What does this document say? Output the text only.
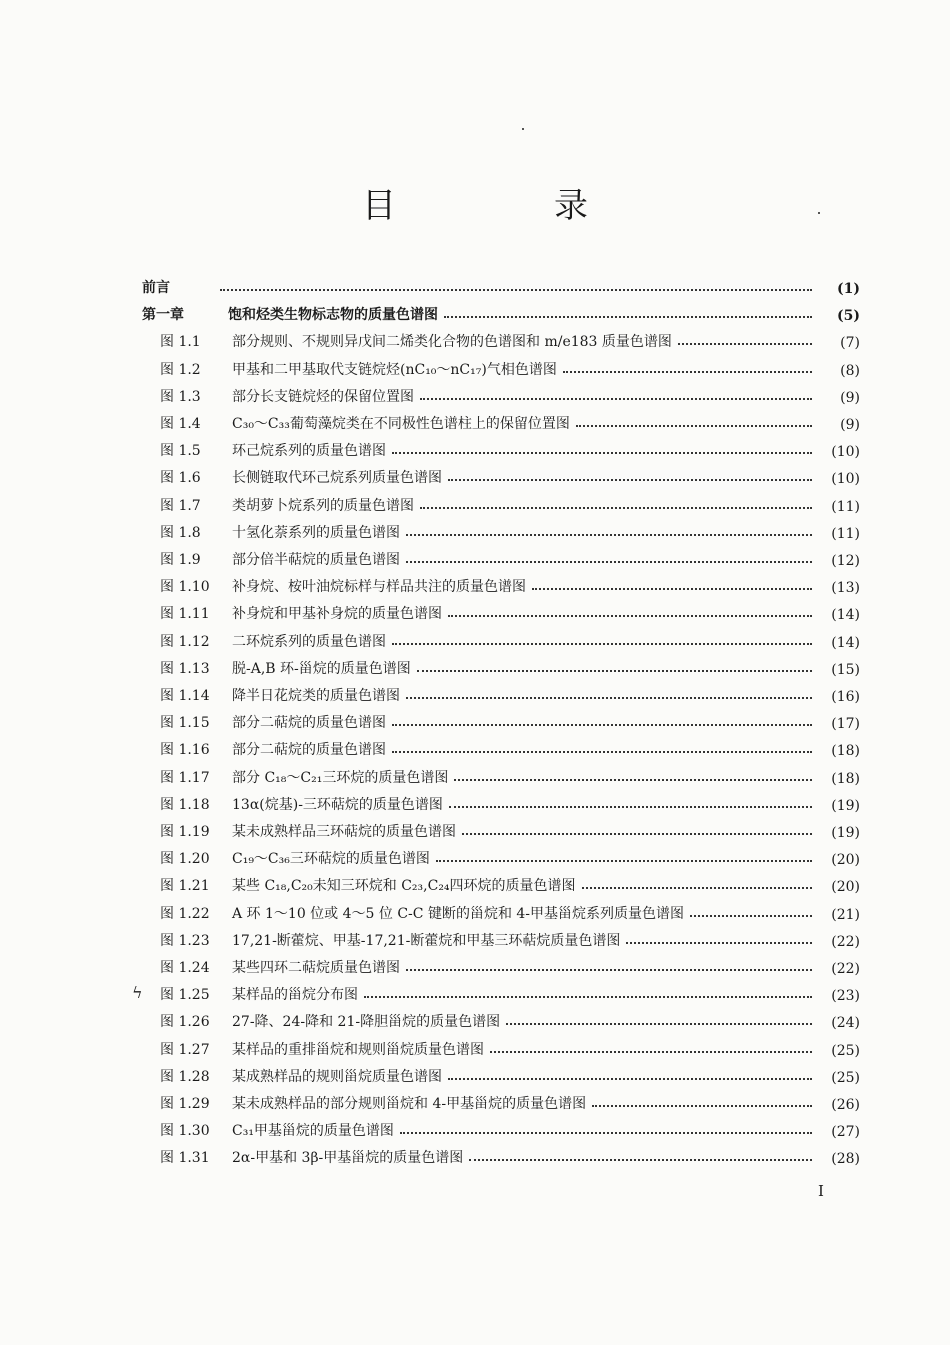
目　录
前言	(1)
第一章	饱和烃类生物标志物的质量色谱图	(5)
图 1.1	部分规则、不规则异戊间二烯类化合物的色谱图和 m/e183 质量色谱图	(7)
图 1.2	甲基和二甲基取代支链烷烃(nC₁₀～nC₁₇)气相色谱图	(8)
图 1.3	部分长支链烷烃的保留位置图	(9)
图 1.4	C₃₀～C₃₃葡萄藻烷类在不同极性色谱柱上的保留位置图	(9)
图 1.5	环己烷系列的质量色谱图	(10)
图 1.6	长侧链取代环己烷系列质量色谱图	(10)
图 1.7	类胡萝卜烷系列的质量色谱图	(11)
图 1.8	十氢化萘系列的质量色谱图	(11)
图 1.9	部分倍半萜烷的质量色谱图	(12)
图 1.10	补身烷、桉叶油烷标样与样品共注的质量色谱图	(13)
图 1.11	补身烷和甲基补身烷的质量色谱图	(14)
图 1.12	二环烷系列的质量色谱图	(14)
图 1.13	脱-A,B 环-甾烷的质量色谱图	(15)
图 1.14	降半日花烷类的质量色谱图	(16)
图 1.15	部分二萜烷的质量色谱图	(17)
图 1.16	部分二萜烷的质量色谱图	(18)
图 1.17	部分 C₁₈～C₂₁三环烷的质量色谱图	(18)
图 1.18	13α(烷基)-三环萜烷的质量色谱图	(19)
图 1.19	某未成熟样品三环萜烷的质量色谱图	(19)
图 1.20	C₁₉～C₃₆三环萜烷的质量色谱图	(20)
图 1.21	某些 C₁₈,C₂₀未知三环烷和 C₂₃,C₂₄四环烷的质量色谱图	(20)
图 1.22	A 环 1～10 位或 4～5 位 C-C 键断的甾烷和 4-甲基甾烷系列质量色谱图	(21)
图 1.23	17,21-断藿烷、甲基-17,21-断藿烷和甲基三环萜烷质量色谱图	(22)
图 1.24	某些四环二萜烷质量色谱图	(22)
图 1.25	某样品的甾烷分布图	(23)
图 1.26	27-降、24-降和 21-降胆甾烷的质量色谱图	(24)
图 1.27	某样品的重排甾烷和规则甾烷质量色谱图	(25)
图 1.28	某成熟样品的规则甾烷质量色谱图	(25)
图 1.29	某未成熟样品的部分规则甾烷和 4-甲基甾烷的质量色谱图	(26)
图 1.30	C₃₁甲基甾烷的质量色谱图	(27)
图 1.31	2α-甲基和 3β-甲基甾烷的质量色谱图	(28)
ϟ
Ⅰ
